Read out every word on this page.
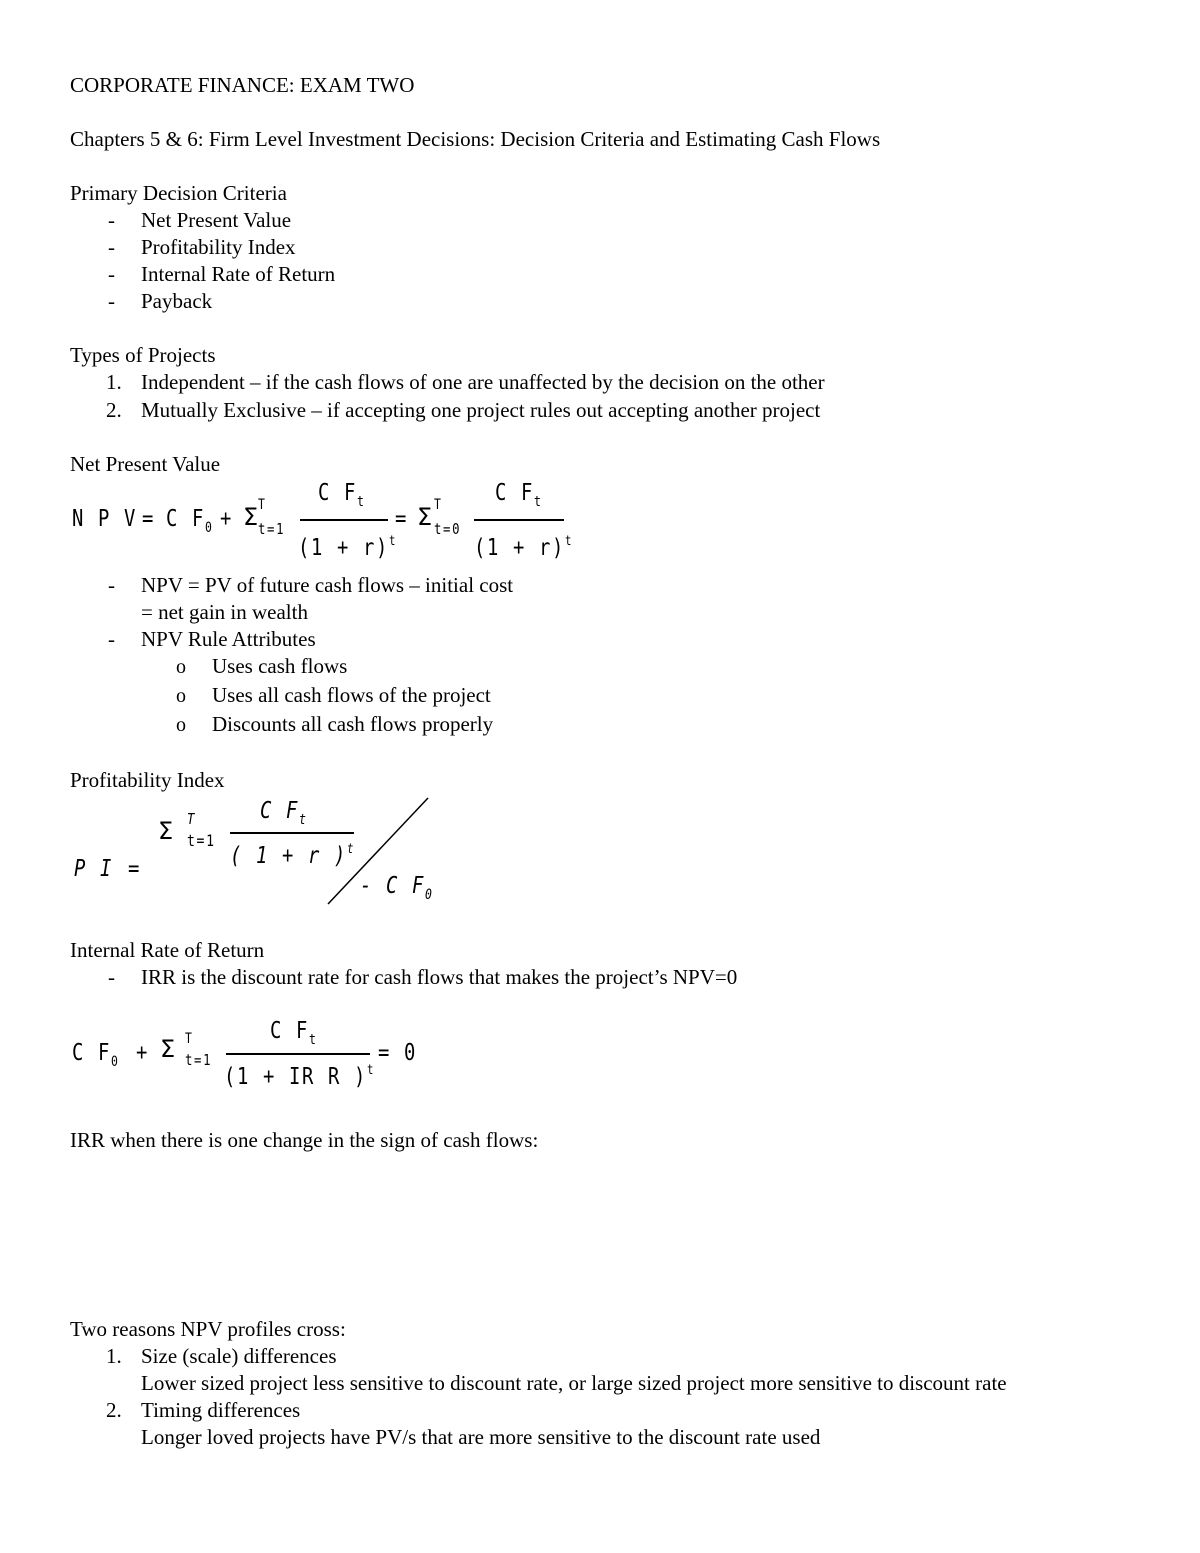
CORPORATE FINANCE: EXAM TWO
Chapters 5 & 6: Firm Level Investment Decisions: Decision Criteria and Estimating Cash Flows
Primary Decision Criteria
- Net Present Value
- Profitability Index
- Internal Rate of Return
- Payback
Types of Projects
1. Independent – if the cash flows of one are unaffected by the decision on the other
2. Mutually Exclusive – if accepting one project rules out accepting another project
Net Present Value
N P V = C $F_0 + \Sigma$ T
t=1
C $F_t$
$(1 + r)^t$
= Σ T
t=0
C $F_t$
$(1 + r)^t$
- NPV = PV of future cash flows – initial cost
= net gain in wealth
- NPV Rule Attributes
o Uses cash flows
o Uses all cash flows of the project
o Discounts all cash flows properly
Profitability Index
P I =
Σ T
t=1
C $F_t$
( 1 + r )$^t$
- C $F_0$
Internal Rate of Return
- IRR is the discount rate for cash flows that makes the project’s NPV=0
C $F_0 + \Sigma$ T
t=1
C $F_t$
(1 + IR R )$^t$
= 0
IRR when there is one change in the sign of cash flows:
Two reasons NPV profiles cross:
1. Size (scale) differences
Lower sized project less sensitive to discount rate, or large sized project more sensitive to discount rate
2. Timing differences
Longer loved projects have PV/s that are more sensitive to the discount rate used
